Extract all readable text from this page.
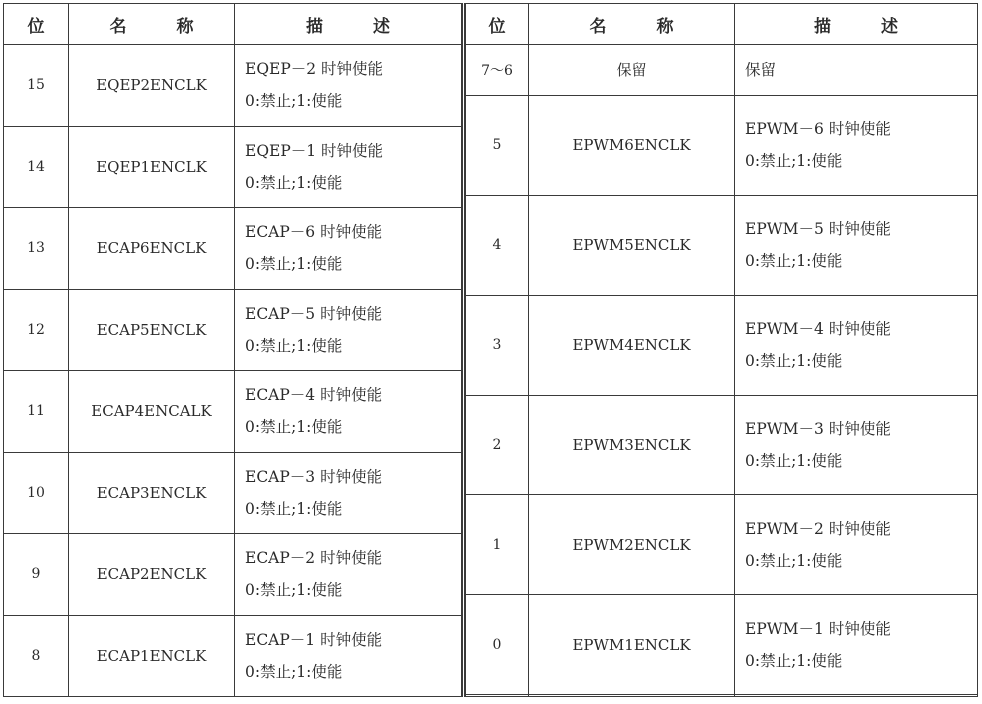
位	名 称	描 述
15	EQEP2ENCLK	EQEP－2 时钟使能
0:禁止;1:使能

14	EQEP1ENCLK	EQEP－1 时钟使能
0:禁止;1:使能

13	ECAP6ENCLK	ECAP－6 时钟使能
0:禁止;1:使能

12	ECAP5ENCLK	ECAP－5 时钟使能
0:禁止;1:使能

11	ECAP4ENCALK	ECAP－4 时钟使能
0:禁止;1:使能

10	ECAP3ENCLK	ECAP－3 时钟使能
0:禁止;1:使能

9	ECAP2ENCLK	ECAP－2 时钟使能
0:禁止;1:使能

8	ECAP1ENCLK	ECAP－1 时钟使能
0:禁止;1:使能
位	名 称	描 述
7～6	保留	保留

5	EPWM6ENCLK	EPWM－6 时钟使能
0:禁止;1:使能

4	EPWM5ENCLK	EPWM－5 时钟使能
0:禁止;1:使能

3	EPWM4ENCLK	EPWM－4 时钟使能
0:禁止;1:使能

2	EPWM3ENCLK	EPWM－3 时钟使能
0:禁止;1:使能

1	EPWM2ENCLK	EPWM－2 时钟使能
0:禁止;1:使能

0	EPWM1ENCLK	EPWM－1 时钟使能
0:禁止;1:使能
